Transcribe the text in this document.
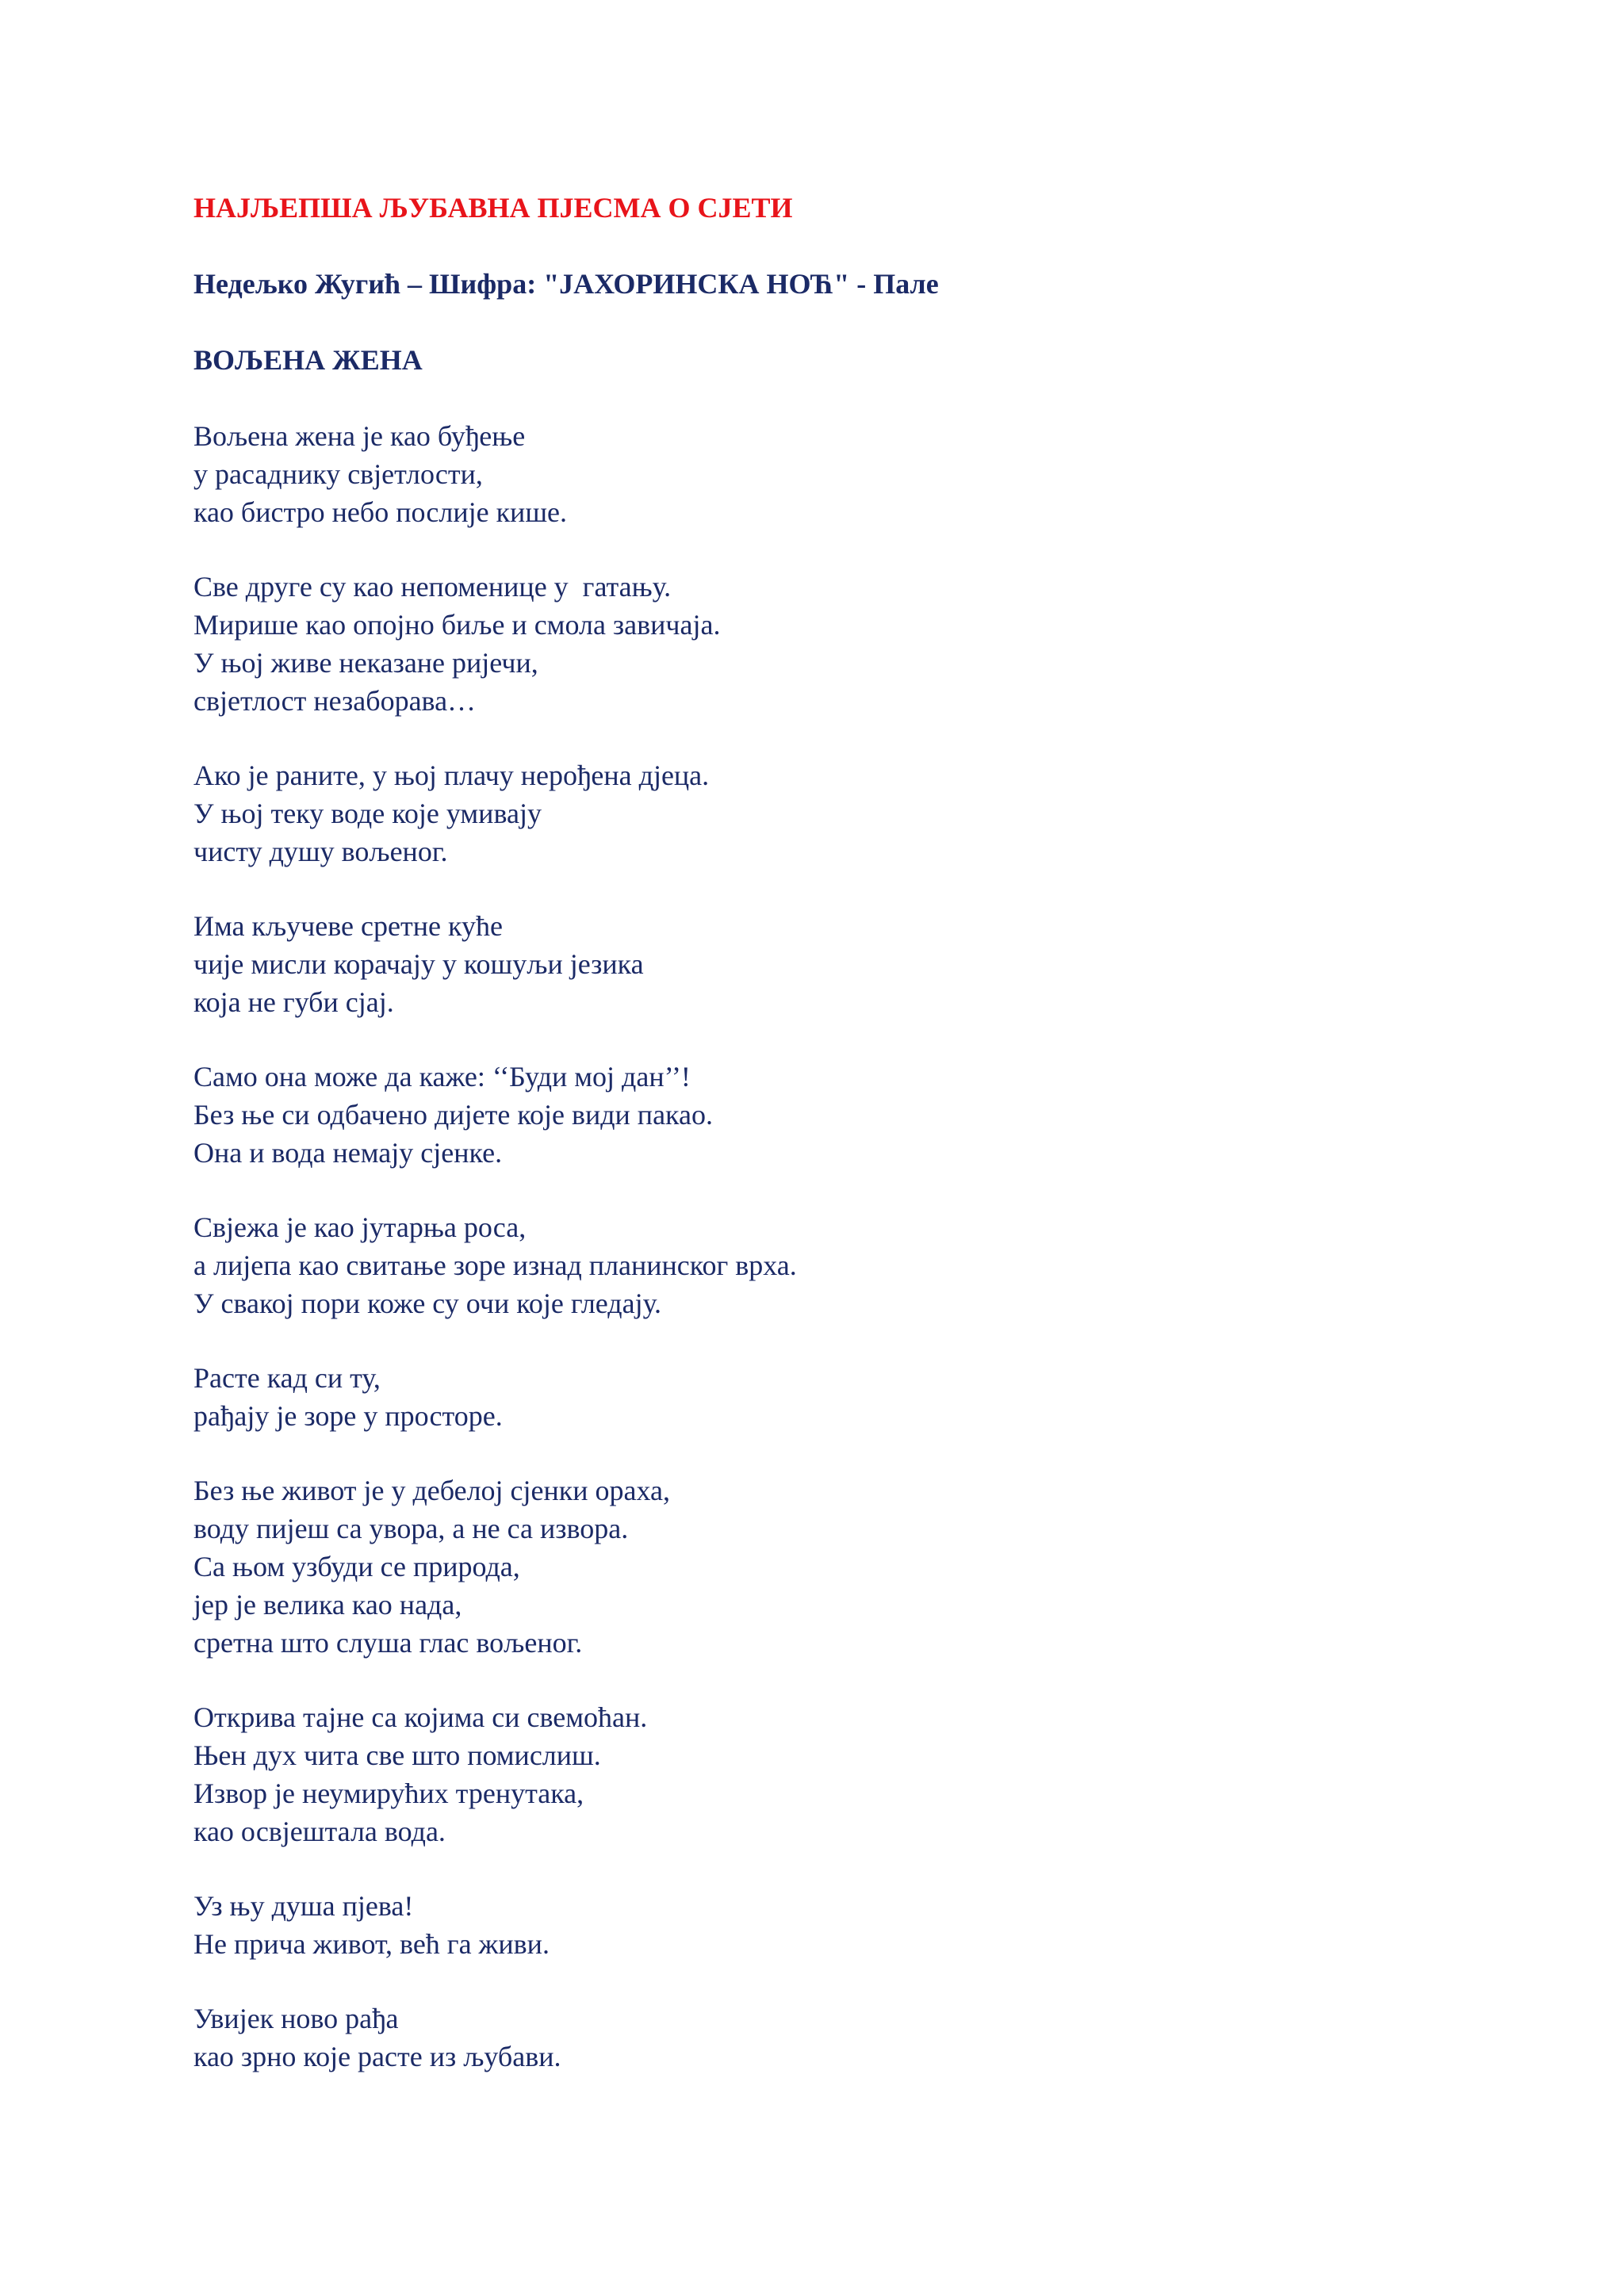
НАЈЉЕПША ЉУБАВНА ПЈЕСМА О СЈЕТИ
Недељко Жугић – Шифра: "ЈАХОРИНСКА НОЋ" - Пале
ВОЉЕНА ЖЕНА
Вољена жена је као буђење
у расаднику свјетлости,
као бистро небо послије кише.
Све друге су као непоменице у  гатању.
Мирише као опојно биље и смола завичаја.
У њој живе неказане ријечи,
свјетлост незаборава…
Ако је раните, у њој плачу нерођена дјеца.
У њој теку воде које умивају
чисту душу вољеног.
Има кључеве сретне куће
чије мисли корачају у кошуљи језика
која не губи сјај.
Само она може да каже: ‘‘Буди мој дан’’!
Без ње си одбачено дијете које види пакао.
Она и вода немају сјенке.
Свјежа је као јутарња роса,
а лијепа као свитање зоре изнад планинског врха.
У свакој пори коже су очи које гледају.
Расте кад си ту,
рађају је зоре у просторе.
Без ње живот је у дебелој сјенки ораха,
воду пијеш са увора, а не са извора.
Са њом узбуди се природа,
јер је велика као нада,
сретна што слуша глас вољеног.
Открива тајне са којима си свемоћан.
Њен дух чита све што помислиш.
Извор је неумирућих тренутака,
као освјештала вода.
Уз њу душа пјева!
Не прича живот, већ га живи.
Увијек ново рађа
као зрно које расте из љубави.
